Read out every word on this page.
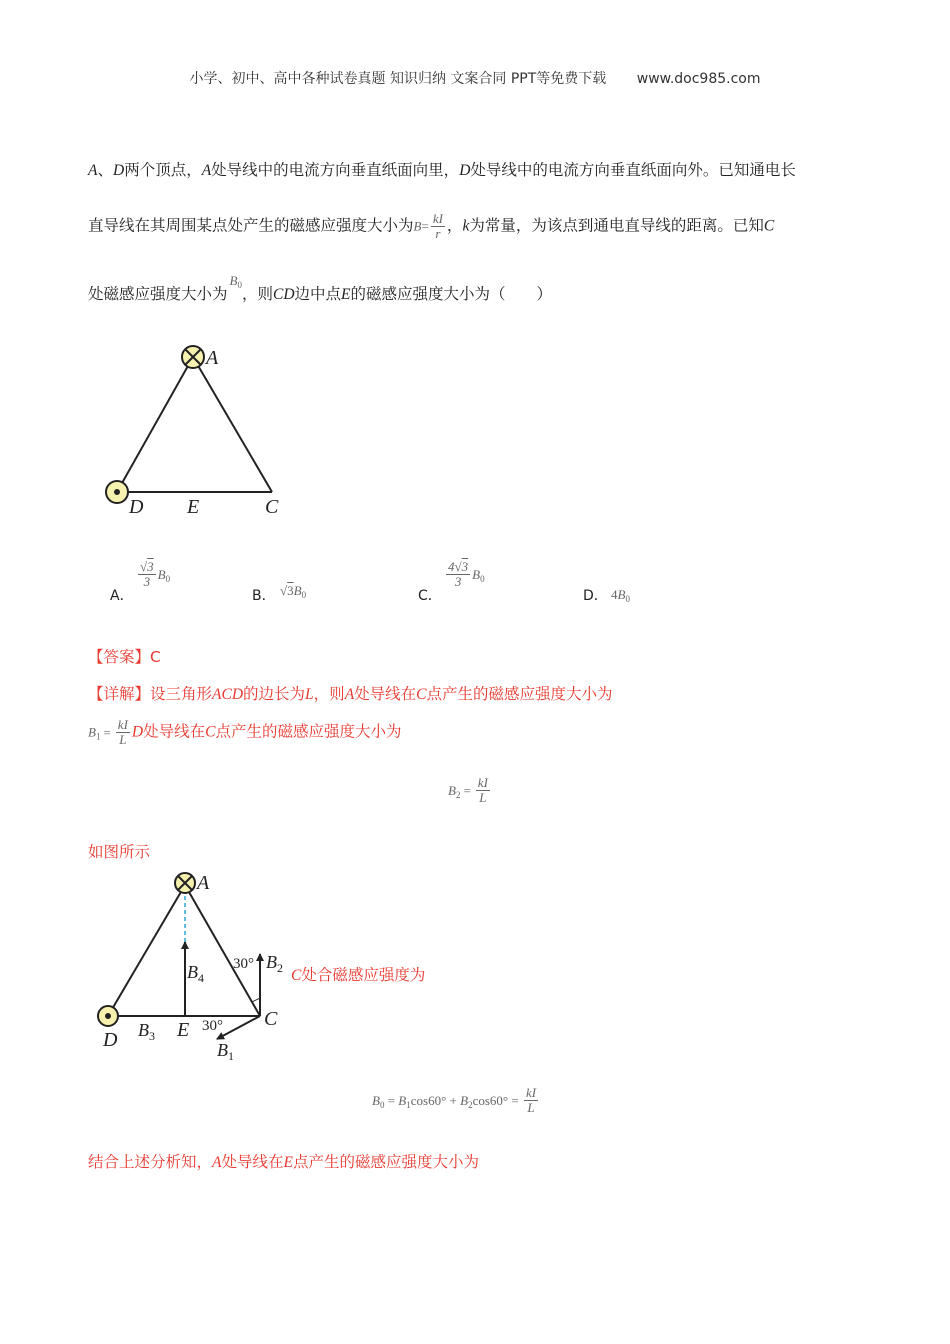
小学、初中、高中各种试卷真题 知识归纳 文案合同 PPT等免费下载 www.doc985.com
A、D两个顶点，A处导线中的电流方向垂直纸面向里，D处导线中的电流方向垂直纸面向外。已知通电长
直导线在其周围某点处产生的磁感应强度大小为$B= \frac{kI}{r}$ ，k为常量，为该点到通电直导线的距离。已知C
处磁感应强度大小为$^{B_0}$，则CD边中点E的磁感应强度大小为（　　）
A
D E	C
A．
$\frac{√3}{3} B_0$
B． $√3B_0$	C．
$\frac{4√3}{3} B_0$
D． $4B_0$
【答案】C
【详解】设三角形ACD的边长为L，则A处导线在C点产生的磁感应强度大小为
$B_1 = \frac{kI}{L}$ D处导线在C点产生的磁感应强度大小为
$B_2 = \frac{kI}{L}$
如图所示
A
D	E	C
$B_4$
$B_3$
$B_2$
$B_1$
30°
30°
C处合磁感应强度为
$B_0 = B_1\cos 60^\circ + B_2\cos 60^\circ = \frac{kI}{L}$
结合上述分析知，A处导线在E点产生的磁感应强度大小为
